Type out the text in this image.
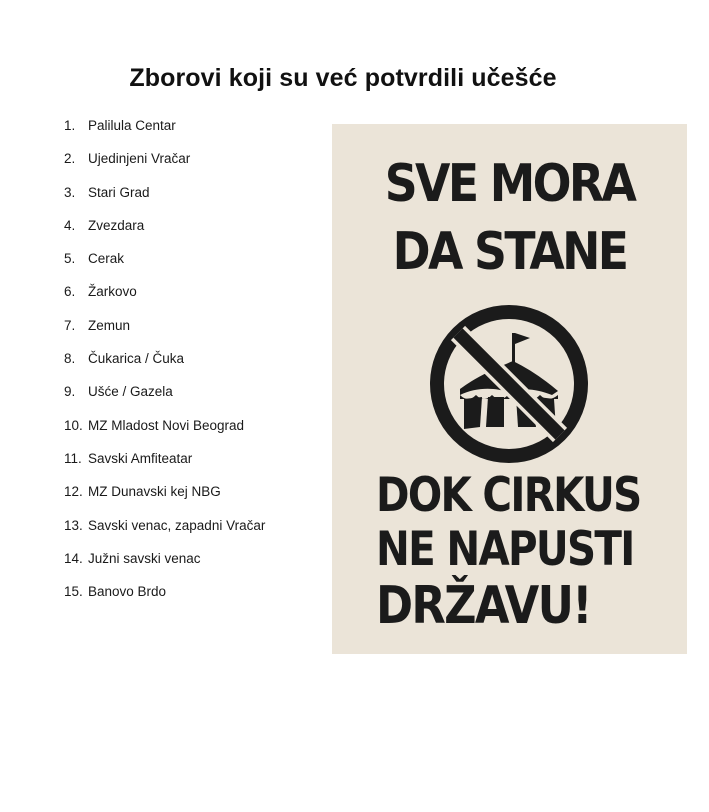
Zborovi koji su već potvrdili učešće
1. Palilula Centar
2. Ujedinjeni Vračar
3. Stari Grad
4. Zvezdara
5. Cerak
6. Žarkovo
7. Zemun
8. Čukarica / Čuka
9. Ušće / Gazela
10. MZ Mladost Novi Beograd
11. Savski Amfiteatar
12. MZ Dunavski kej NBG
13. Savski venac, zapadni Vračar
14. Južni savski venac
15. Banovo Brdo
SVE MORA
DA STANE
DOK CIRKUS
NE NAPUSTI
DRŽAVU!
